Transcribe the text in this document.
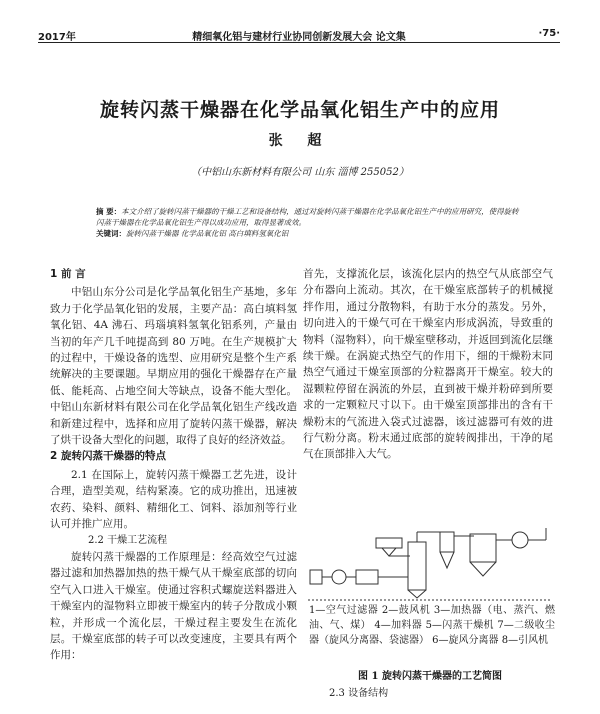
2017年	精细氧化铝与建材行业协同创新发展大会 论文集	·75·
旋转闪蒸干燥器在化学品氧化铝生产中的应用
张 超
（中铝山东新材料有限公司 山东 淄博 255052）

摘 要：本文介绍了旋转闪蒸干燥器的干燥工艺和设备结构，通过对旋转闪蒸干燥器在化学品氧化铝生产中的应用研究，使得旋转闪蒸干燥器在化学品氧化铝生产得以成功应用，取得显著成效。

关键词：旋转闪蒸干燥器 化学品氧化铝 高白填料氢氧化铝

1 前 言

中铝山东分公司是化学品氧化铝生产基地，多年致力于化学品氧化铝的发展，主要产品：高白填料氢氧化铝、4A 沸石、玛瑙填料氢氧化铝系列，产量由当初的年产几千吨提高到 80 万吨。在生产规模扩大的过程中，干燥设备的选型、应用研究是整个生产系统解决的主要课题。早期应用的强化干燥器存在产量低、能耗高、占地空间大等缺点，设备不能大型化。中铝山东新材料有限公司在化学品氧化铝生产线改造和新建过程中，选择和应用了旋转闪蒸干燥器，解决了烘干设备大型化的问题，取得了良好的经济效益。

2 旋转闪蒸干燥器的特点

2.1 在国际上，旋转闪蒸干燥器工艺先进，设计合理，造型美观，结构紧凑。它的成功推出，迅速被农药、染料、颜料、精细化工、饲料、添加剂等行业认可并推广应用。

2.2 干燥工艺流程

旋转闪蒸干燥器的工作原理是：经高效空气过滤器过滤和加热器加热的热干燥气从干燥室底部的切向空气入口进入干燥室。使通过容积式螺旋送料器进入干燥室内的湿物料立即被干燥室内的转子分散成小颗粒，并形成一个流化层，干燥过程主要发生在流化层。干燥室底部的转子可以改变速度，主要具有两个作用：

首先，支撑流化层，该流化层内的热空气从底部空气分布器向上流动。其次，在干燥室底部转子的机械搅拌作用，通过分散物料，有助于水分的蒸发。另外，切向进入的干燥气可在干燥室内形成涡流，导致重的物料（湿物料），向干燥室壁移动，并返回到流化层继续干燥。在涡旋式热空气的作用下，细的干燥粉末同热空气通过干燥室顶部的分粒器离开干燥室。较大的湿颗粒停留在涡流的外层，直到被干燥并粉碎到所要求的一定颗粒尺寸以下。由干燥室顶部排出的含有干燥粉末的气流进入袋式过滤器，该过滤器可有效的进行气粉分离。粉末通过底部的旋转阀排出，干净的尾气在顶部排入大气。

1—空气过滤器 2—鼓风机 3—加热器（电、蒸汽、燃油、气、煤） 4—加料器 5—闪蒸干燥机 7—二级收尘器（旋风分离器、袋滤器） 6—旋风分离器 8—引风机
图 1 旋转闪蒸干燥器的工艺简图
2.3 设备结构
